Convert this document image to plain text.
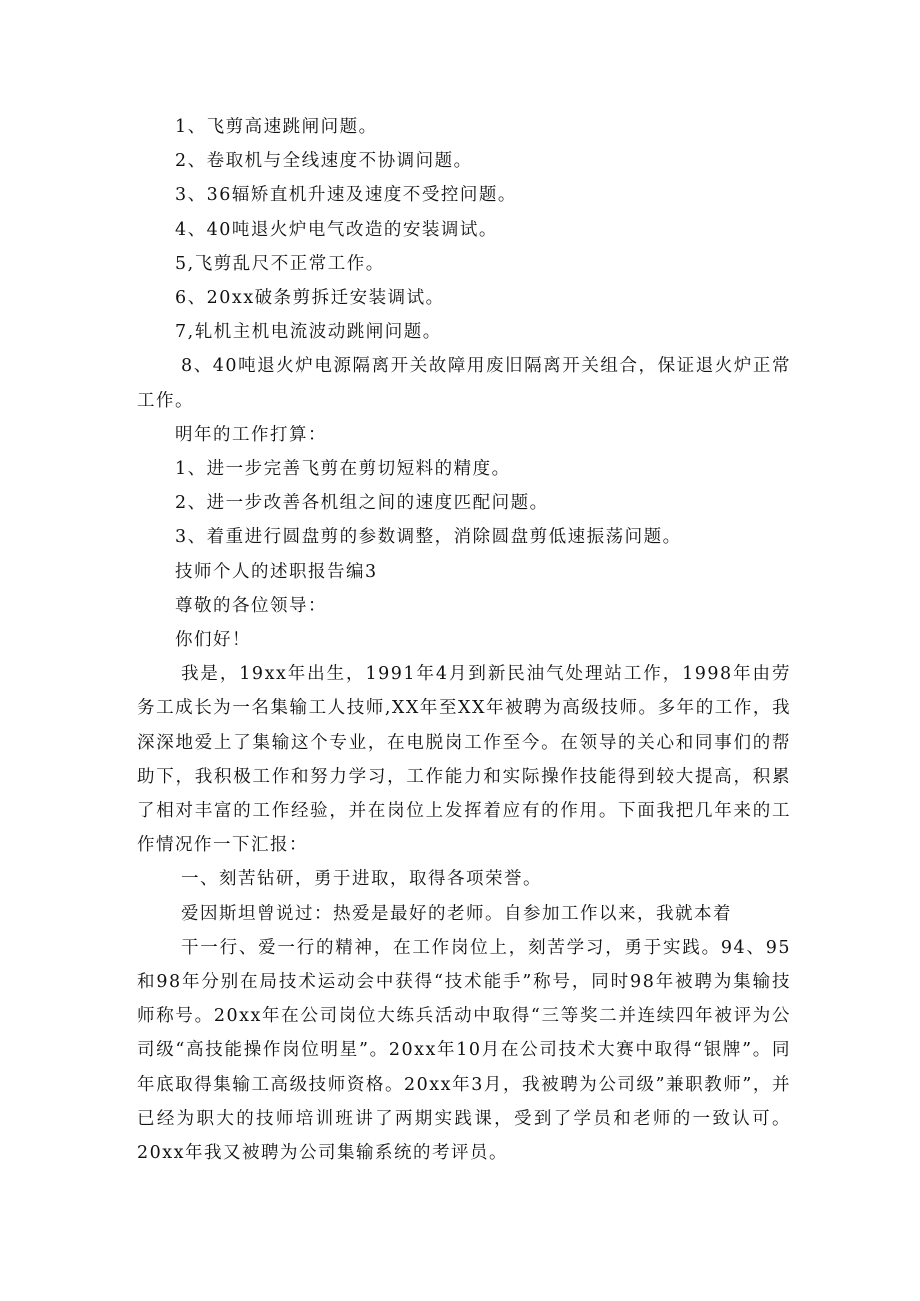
1、飞剪高速跳闸问题。

2、卷取机与全线速度不协调问题。

3、36辐矫直机升速及速度不受控问题。

4、40吨退火炉电气改造的安装调试。

5,飞剪乱尺不正常工作。

6、20xx破条剪拆迁安装调试。

7,轧机主机电流波动跳闸问题。

8、40吨退火炉电源隔离开关故障用废旧隔离开关组合，保证退火炉正常工作。

明年的工作打算：

1、进一步完善飞剪在剪切短料的精度。

2、进一步改善各机组之间的速度匹配问题。

3、着重进行圆盘剪的参数调整，消除圆盘剪低速振荡问题。

技师个人的述职报告编3

尊敬的各位领导：

你们好！

我是，19xx年出生，1991年4月到新民油气处理站工作，1998年由劳务工成长为一名集输工人技师,XX年至XX年被聘为高级技师。多年的工作，我深深地爱上了集输这个专业，在电脱岗工作至今。在领导的关心和同事们的帮助下，我积极工作和努力学习，工作能力和实际操作技能得到较大提高，积累了相对丰富的工作经验，并在岗位上发挥着应有的作用。下面我把几年来的工作情况作一下汇报：

一、刻苦钻研，勇于进取，取得各项荣誉。

爱因斯坦曾说过：热爱是最好的老师。自参加工作以来，我就本着

干一行、爱一行的精神，在工作岗位上，刻苦学习，勇于实践。94、95和98年分别在局技术运动会中获得“技术能手”称号，同时98年被聘为集输技师称号。20xx年在公司岗位大练兵活动中取得“三等奖二并连续四年被评为公司级“高技能操作岗位明星”。20xx年10月在公司技术大赛中取得“银牌”。同年底取得集输工高级技师资格。20xx年3月，我被聘为公司级”兼职教师”，并已经为职大的技师培训班讲了两期实践课，受到了学员和老师的一致认可。20xx年我又被聘为公司集输系统的考评员。
